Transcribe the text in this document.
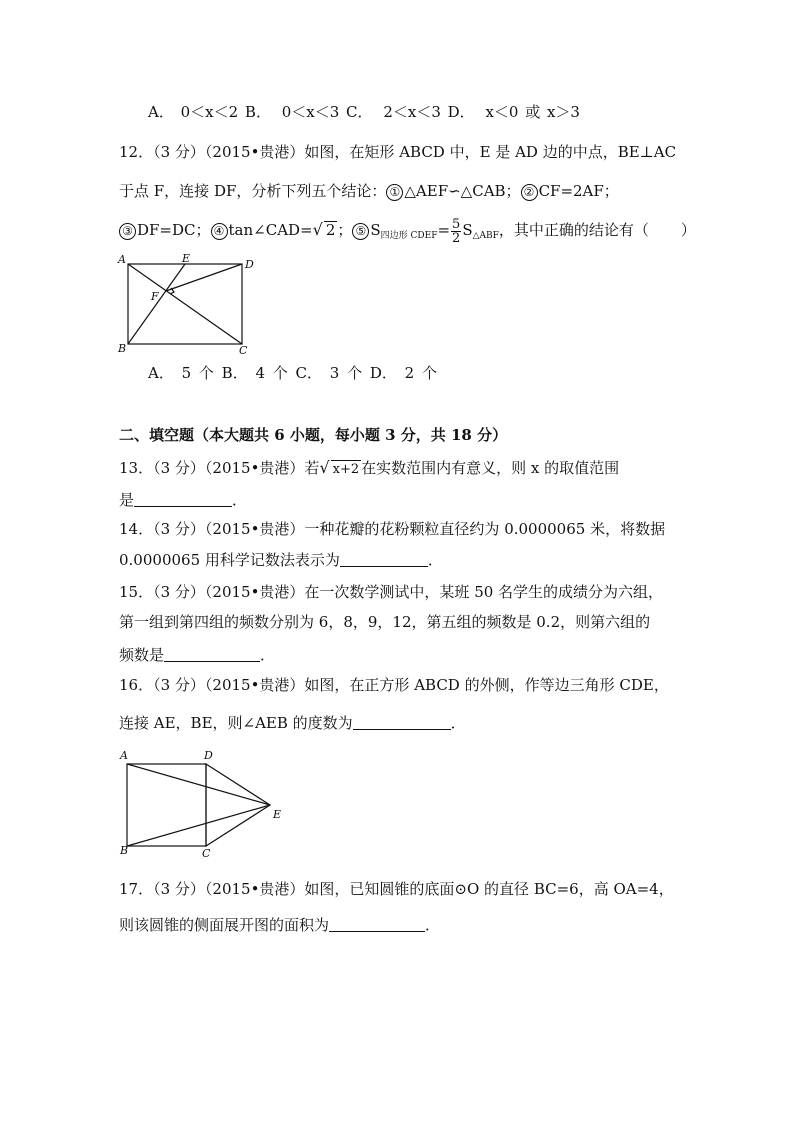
A． 0＜x＜2 B． 0＜x＜3 C． 2＜x＜3 D． x＜0 或 x＞3
12．（3 分）（2015•贵港）如图，在矩形 ABCD 中，E 是 AD 边的中点，BE⊥AC
于点 F，连接 DF，分析下列五个结论： ① △AEF∽△CAB； ② CF=2AF；
③ DF=DC； ④ tan∠CAD=√ 2 ； ⑤ $S_{四边形 CDEF}= \frac{5}{2} S_{\triangle ABF}$，其中正确的结论有（ ）
A	E	D
F
B	C
A． 5 个 B． 4 个 C． 3 个 D． 2 个
二、填空题（本大题共 6 小题，每小题 3 分，共 18 分）
13．（3 分）（2015•贵港）若√ x+2 在实数范围内有意义，则 x 的取值范围
是	．
14．（3 分）（2015•贵港）一种花瓣的花粉颗粒直径约为 0.0000065 米，将数据
0.0000065 用科学记数法表示为	．
15．（3 分）（2015•贵港）在一次数学测试中，某班 50 名学生的成绩分为六组，
第一组到第四组的频数分别为 6，8，9，12，第五组的频数是 0.2，则第六组的
频数是	．
16．（3 分）（2015•贵港）如图，在正方形 ABCD 的外侧，作等边三角形 CDE，
连接 AE，BE，则∠AEB 的度数为	．
A	D
E
B	C
17．（3 分）（2015•贵港）如图，已知圆锥的底面⊙O 的直径 BC=6，高 OA=4，
则该圆锥的侧面展开图的面积为	．
